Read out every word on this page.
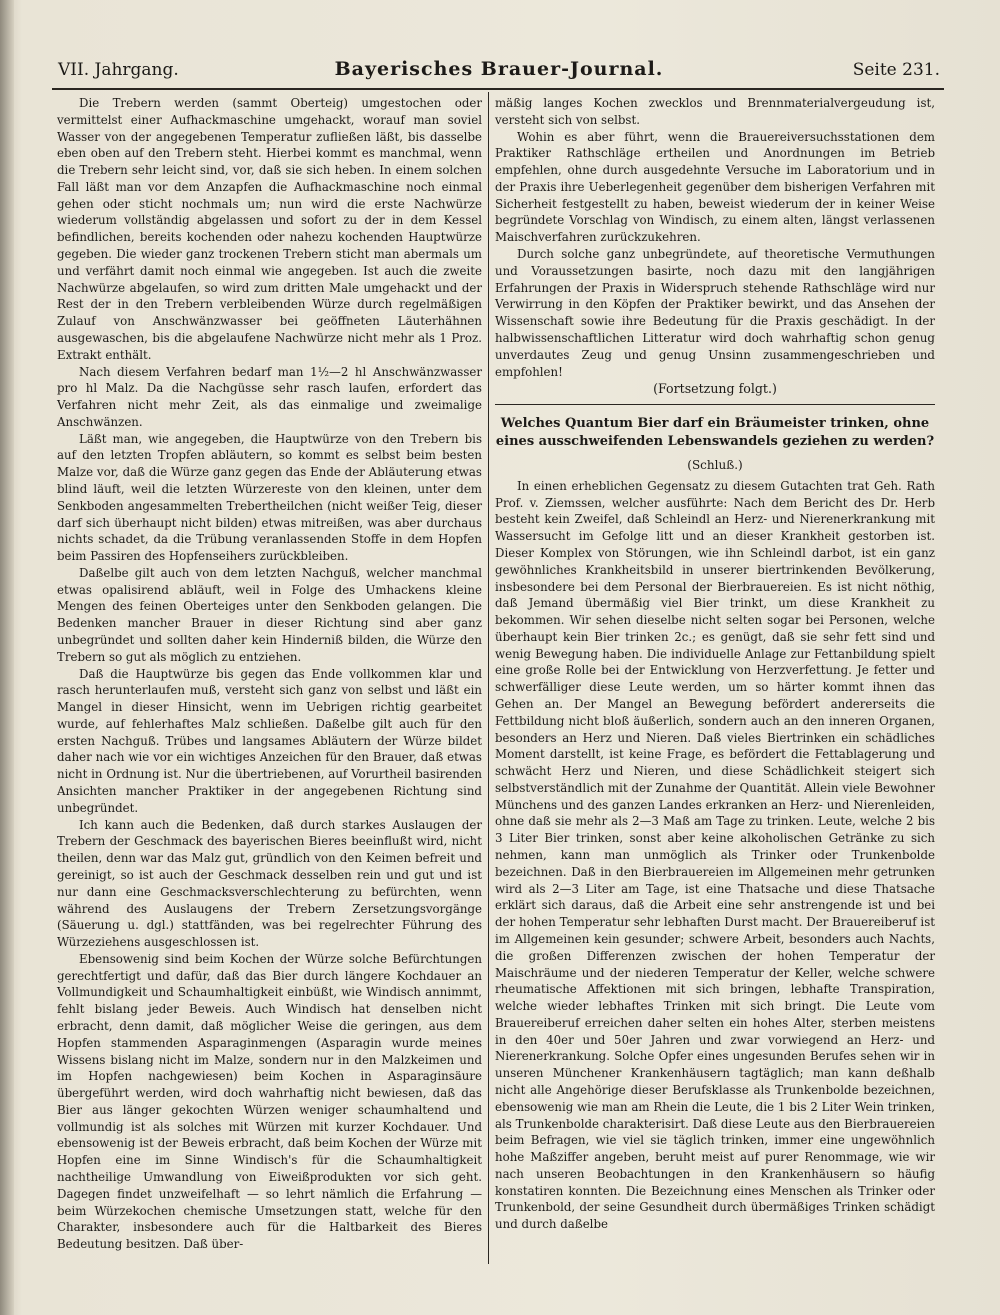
VII. Jahrgang.	Bayerisches Brauer-Journal.	Seite 231.

Die Trebern werden (sammt Oberteig) umgestochen oder vermittelst einer Aufhackmaschine umgehackt, worauf man soviel Wasser von der angegebenen Temperatur zufließen läßt, bis dasselbe eben oben auf den Trebern steht. Hierbei kommt es manchmal, wenn die Trebern sehr leicht sind, vor, daß sie sich heben. In einem solchen Fall läßt man vor dem Anzapfen die Aufhackmaschine noch einmal gehen oder sticht nochmals um; nun wird die erste Nachwürze wiederum vollständig abgelassen und sofort zu der in dem Kessel befindlichen, bereits kochenden oder nahezu kochenden Hauptwürze gegeben. Die wieder ganz trockenen Trebern sticht man abermals um und verfährt damit noch einmal wie angegeben. Ist auch die zweite Nachwürze abgelaufen, so wird zum dritten Male umgehackt und der Rest der in den Trebern verbleibenden Würze durch regelmäßigen Zulauf von Anschwänzwasser bei geöffneten Läuterhähnen ausgewaschen, bis die abgelaufene Nachwürze nicht mehr als 1 Proz. Extrakt enthält.

Nach diesem Verfahren bedarf man 1½—2 hl Anschwänzwasser pro hl Malz. Da die Nachgüsse sehr rasch laufen, erfordert das Verfahren nicht mehr Zeit, als das einmalige und zweimalige Anschwänzen.

Läßt man, wie angegeben, die Hauptwürze von den Trebern bis auf den letzten Tropfen abläutern, so kommt es selbst beim besten Malze vor, daß die Würze ganz gegen das Ende der Abläuterung etwas blind läuft, weil die letzten Würzereste von den kleinen, unter dem Senkboden angesammelten Trebertheilchen (nicht weißer Teig, dieser darf sich überhaupt nicht bilden) etwas mitreißen, was aber durchaus nichts schadet, da die Trübung veranlassenden Stoffe in dem Hopfen beim Passiren des Hopfenseihers zurückbleiben.

Daßelbe gilt auch von dem letzten Nachguß, welcher manchmal etwas opalisirend abläuft, weil in Folge des Umhackens kleine Mengen des feinen Oberteiges unter den Senkboden gelangen. Die Bedenken mancher Brauer in dieser Richtung sind aber ganz unbegründet und sollten daher kein Hinderniß bilden, die Würze den Trebern so gut als möglich zu entziehen.

Daß die Hauptwürze bis gegen das Ende vollkommen klar und rasch herunterlaufen muß, versteht sich ganz von selbst und läßt ein Mangel in dieser Hinsicht, wenn im Uebrigen richtig gearbeitet wurde, auf fehlerhaftes Malz schließen. Daßelbe gilt auch für den ersten Nachguß. Trübes und langsames Abläutern der Würze bildet daher nach wie vor ein wichtiges Anzeichen für den Brauer, daß etwas nicht in Ordnung ist. Nur die übertriebenen, auf Vorurtheil basirenden Ansichten mancher Praktiker in der angegebenen Richtung sind unbegründet.

Ich kann auch die Bedenken, daß durch starkes Auslaugen der Trebern der Geschmack des bayerischen Bieres beeinflußt wird, nicht theilen, denn war das Malz gut, gründlich von den Keimen befreit und gereinigt, so ist auch der Geschmack desselben rein und gut und ist nur dann eine Geschmacksverschlechterung zu befürchten, wenn während des Auslaugens der Trebern Zersetzungsvorgänge (Säuerung u. dgl.) stattfänden, was bei regelrechter Führung des Würzeziehens ausgeschlossen ist.

Ebensowenig sind beim Kochen der Würze solche Befürchtungen gerechtfertigt und dafür, daß das Bier durch längere Kochdauer an Vollmundigkeit und Schaumhaltigkeit einbüßt, wie Windisch annimmt, fehlt bislang jeder Beweis. Auch Windisch hat denselben nicht erbracht, denn damit, daß möglicher Weise die geringen, aus dem Hopfen stammenden Asparaginmengen (Asparagin wurde meines Wissens bislang nicht im Malze, sondern nur in den Malzkeimen und im Hopfen nachgewiesen) beim Kochen in Asparaginsäure übergeführt werden, wird doch wahrhaftig nicht bewiesen, daß das Bier aus länger gekochten Würzen weniger schaumhaltend und vollmundig ist als solches mit Würzen mit kurzer Kochdauer. Und ebensowenig ist der Beweis erbracht, daß beim Kochen der Würze mit Hopfen eine im Sinne Windisch's für die Schaumhaltigkeit nachtheilige Umwandlung von Eiweißprodukten vor sich geht. Dagegen findet unzweifelhaft — so lehrt nämlich die Erfahrung — beim Würzekochen chemische Umsetzungen statt, welche für den Charakter, insbesondere auch für die Haltbarkeit des Bieres Bedeutung besitzen. Daß über-

mäßig langes Kochen zwecklos und Brennmaterialvergeudung ist, versteht sich von selbst.

Wohin es aber führt, wenn die Brauereiversuchsstationen dem Praktiker Rathschläge ertheilen und Anordnungen im Betrieb empfehlen, ohne durch ausgedehnte Versuche im Laboratorium und in der Praxis ihre Ueberlegenheit gegenüber dem bisherigen Verfahren mit Sicherheit festgestellt zu haben, beweist wiederum der in keiner Weise begründete Vorschlag von Windisch, zu einem alten, längst verlassenen Maischverfahren zurückzukehren.

Durch solche ganz unbegründete, auf theoretische Vermuthungen und Voraussetzungen basirte, noch dazu mit den langjährigen Erfahrungen der Praxis in Widerspruch stehende Rathschläge wird nur Verwirrung in den Köpfen der Praktiker bewirkt, und das Ansehen der Wissenschaft sowie ihre Bedeutung für die Praxis geschädigt. In der halbwissenschaftlichen Litteratur wird doch wahrhaftig schon genug unverdautes Zeug und genug Unsinn zusammengeschrieben und empfohlen!

(Fortsetzung folgt.)
Welches Quantum Bier darf ein Bräumeister trinken, ohne eines ausschweifenden Lebenswandels geziehen zu werden?
(Schluß.)

In einen erheblichen Gegensatz zu diesem Gutachten trat Geh. Rath Prof. v. Ziemssen, welcher ausführte: Nach dem Bericht des Dr. Herb besteht kein Zweifel, daß Schleindl an Herz- und Nierenerkrankung mit Wassersucht im Gefolge litt und an dieser Krankheit gestorben ist. Dieser Komplex von Störungen, wie ihn Schleindl darbot, ist ein ganz gewöhnliches Krankheitsbild in unserer biertrinkenden Bevölkerung, insbesondere bei dem Personal der Bierbrauereien. Es ist nicht nöthig, daß Jemand übermäßig viel Bier trinkt, um diese Krankheit zu bekommen. Wir sehen dieselbe nicht selten sogar bei Personen, welche überhaupt kein Bier trinken 2c.; es genügt, daß sie sehr fett sind und wenig Bewegung haben. Die individuelle Anlage zur Fettanbildung spielt eine große Rolle bei der Entwicklung von Herzverfettung. Je fetter und schwerfälliger diese Leute werden, um so härter kommt ihnen das Gehen an. Der Mangel an Bewegung befördert andererseits die Fettbildung nicht bloß äußerlich, sondern auch an den inneren Organen, besonders an Herz und Nieren. Daß vieles Biertrinken ein schädliches Moment darstellt, ist keine Frage, es befördert die Fettablagerung und schwächt Herz und Nieren, und diese Schädlichkeit steigert sich selbstverständlich mit der Zunahme der Quantität. Allein viele Bewohner Münchens und des ganzen Landes erkranken an Herz- und Nierenleiden, ohne daß sie mehr als 2—3 Maß am Tage zu trinken. Leute, welche 2 bis 3 Liter Bier trinken, sonst aber keine alkoholischen Getränke zu sich nehmen, kann man unmöglich als Trinker oder Trunkenbolde bezeichnen. Daß in den Bierbrauereien im Allgemeinen mehr getrunken wird als 2—3 Liter am Tage, ist eine Thatsache und diese Thatsache erklärt sich daraus, daß die Arbeit eine sehr anstrengende ist und bei der hohen Temperatur sehr lebhaften Durst macht. Der Brauereiberuf ist im Allgemeinen kein gesunder; schwere Arbeit, besonders auch Nachts, die großen Differenzen zwischen der hohen Temperatur der Maischräume und der niederen Temperatur der Keller, welche schwere rheumatische Affektionen mit sich bringen, lebhafte Transpiration, welche wieder lebhaftes Trinken mit sich bringt. Die Leute vom Brauereiberuf erreichen daher selten ein hohes Alter, sterben meistens in den 40er und 50er Jahren und zwar vorwiegend an Herz- und Nierenerkrankung. Solche Opfer eines ungesunden Berufes sehen wir in unseren Münchener Krankenhäusern tagtäglich; man kann deßhalb nicht alle Angehörige dieser Berufsklasse als Trunkenbolde bezeichnen, ebensowenig wie man am Rhein die Leute, die 1 bis 2 Liter Wein trinken, als Trunkenbolde charakterisirt. Daß diese Leute aus den Bierbrauereien beim Befragen, wie viel sie täglich trinken, immer eine ungewöhnlich hohe Maßziffer angeben, beruht meist auf purer Renommage, wie wir nach unseren Beobachtungen in den Krankenhäusern so häufig konstatiren konnten. Die Bezeichnung eines Menschen als Trinker oder Trunkenbold, der seine Gesundheit durch übermäßiges Trinken schädigt und durch daßelbe
